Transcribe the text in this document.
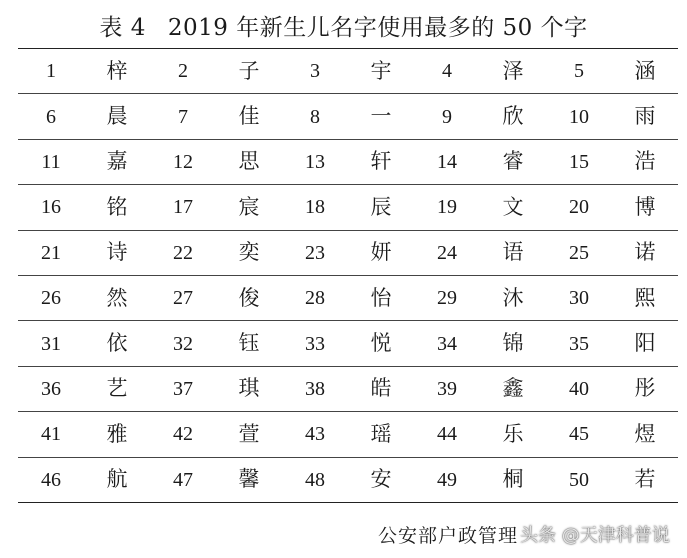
表 4 2019 年新生儿名字使用最多的 50 个字
1	梓	2	子	3	宇	4	泽	5	涵
6	晨	7	佳	8	一	9	欣	10	雨
11	嘉	12	思	13	轩	14	睿	15	浩
16	铭	17	宸	18	辰	19	文	20	博
21	诗	22	奕	23	妍	24	语	25	诺
26	然	27	俊	28	怡	29	沐	30	熙
31	依	32	钰	33	悦	34	锦	35	阳
36	艺	37	琪	38	皓	39	鑫	40	彤
41	雅	42	萱	43	瑶	44	乐	45	煜
46	航	47	馨	48	安	49	桐	50	若
公安部户政管理 头条 @天津科普说
